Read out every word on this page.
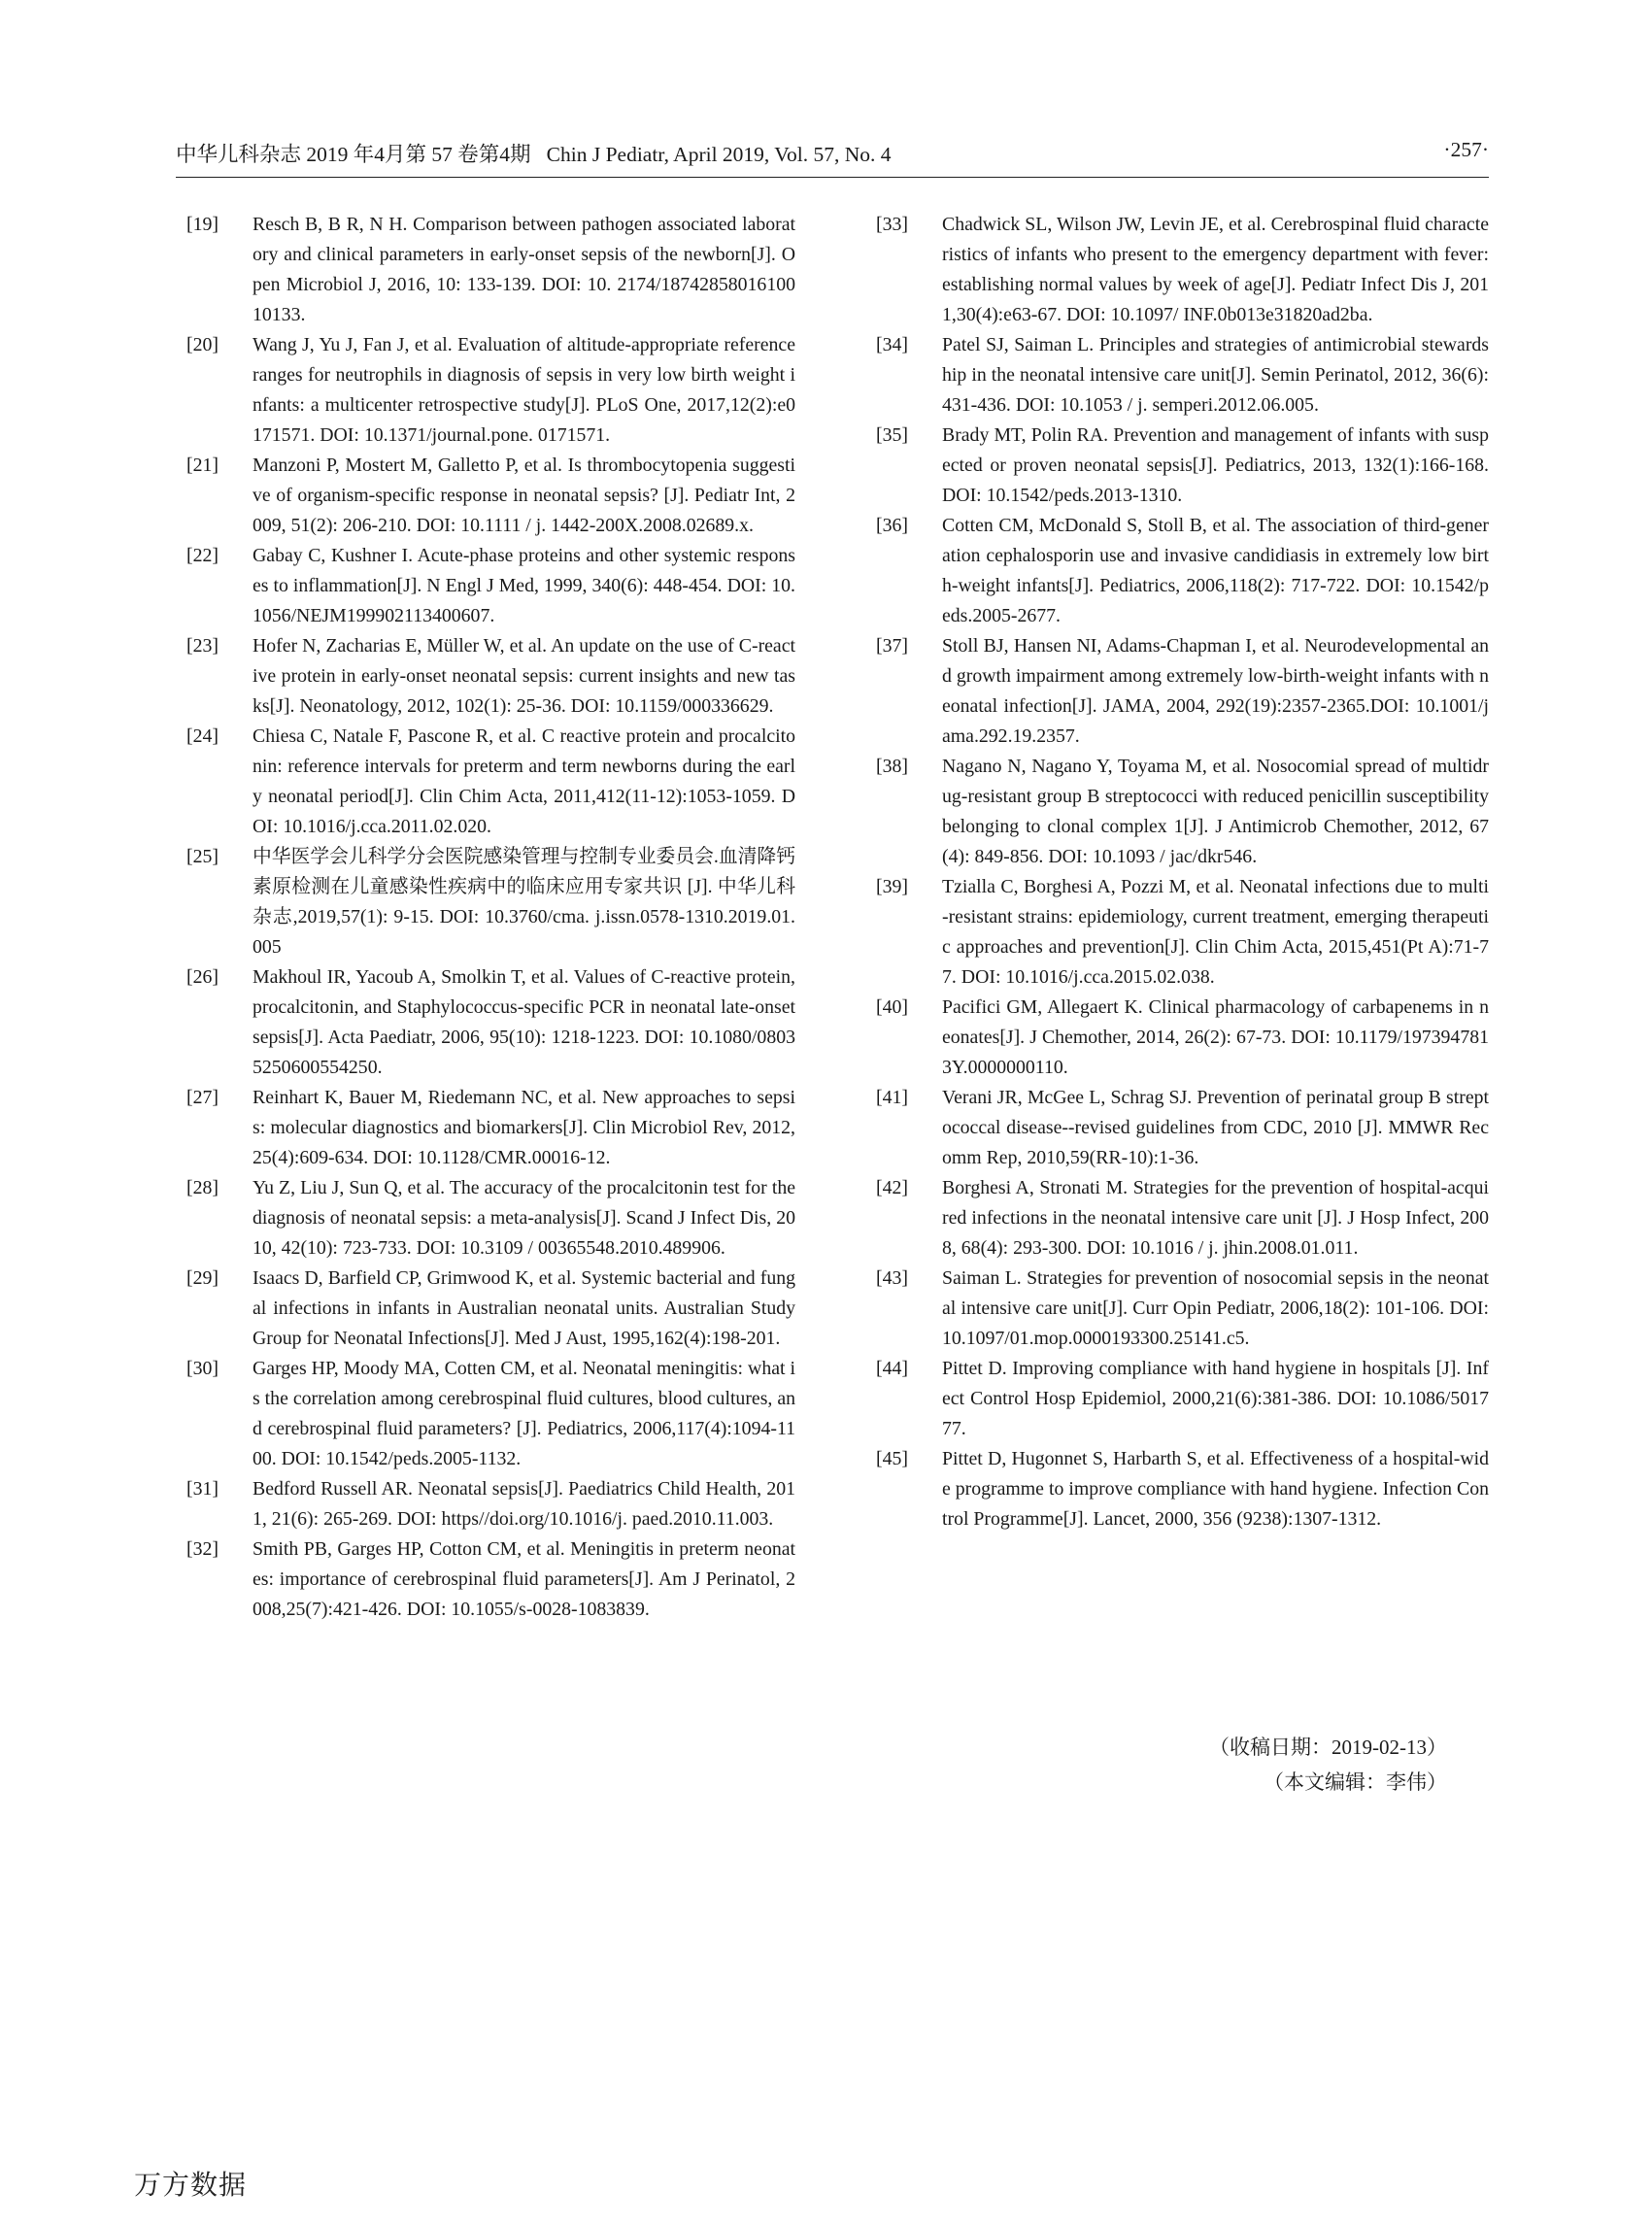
中华儿科杂志 2019 年4月第 57 卷第4期 Chin J Pediatr, April 2019, Vol. 57, No. 4	·257·
[19] Resch B, B R, N H. Comparison between pathogen associated laboratory and clinical parameters in early-onset sepsis of the newborn[J]. Open Microbiol J, 2016, 10: 133-139. DOI: 10. 2174/1874285801610010133.
[20] Wang J, Yu J, Fan J, et al. Evaluation of altitude-appropriate reference ranges for neutrophils in diagnosis of sepsis in very low birth weight infants: a multicenter retrospective study[J]. PLoS One, 2017,12(2):e0171571. DOI: 10.1371/journal.pone. 0171571.
[21] Manzoni P, Mostert M, Galletto P, et al. Is thrombocytopenia suggestive of organism-specific response in neonatal sepsis? [J]. Pediatr Int, 2009, 51(2): 206-210. DOI: 10.1111 / j. 1442-200X.2008.02689.x.
[22] Gabay C, Kushner I. Acute-phase proteins and other systemic responses to inflammation[J]. N Engl J Med, 1999, 340(6): 448-454. DOI: 10.1056/NEJM199902113400607.
[23] Hofer N, Zacharias E, Müller W, et al. An update on the use of C-reactive protein in early-onset neonatal sepsis: current insights and new tasks[J]. Neonatology, 2012, 102(1): 25-36. DOI: 10.1159/000336629.
[24] Chiesa C, Natale F, Pascone R, et al. C reactive protein and procalcitonin: reference intervals for preterm and term newborns during the early neonatal period[J]. Clin Chim Acta, 2011,412(11-12):1053-1059. DOI: 10.1016/j.cca.2011.02.020.
[25] 中华医学会儿科学分会医院感染管理与控制专业委员会.血清降钙素原检测在儿童感染性疾病中的临床应用专家共识 [J]. 中华儿科杂志,2019,57(1): 9-15. DOI: 10.3760/cma. j.issn.0578-1310.2019.01.005
[26] Makhoul IR, Yacoub A, Smolkin T, et al. Values of C-reactive protein, procalcitonin, and Staphylococcus-specific PCR in neonatal late-onset sepsis[J]. Acta Paediatr, 2006, 95(10): 1218-1223. DOI: 10.1080/08035250600554250.
[27] Reinhart K, Bauer M, Riedemann NC, et al. New approaches to sepsis: molecular diagnostics and biomarkers[J]. Clin Microbiol Rev, 2012,25(4):609-634. DOI: 10.1128/CMR.00016-12.
[28] Yu Z, Liu J, Sun Q, et al. The accuracy of the procalcitonin test for the diagnosis of neonatal sepsis: a meta-analysis[J]. Scand J Infect Dis, 2010, 42(10): 723-733. DOI: 10.3109 / 00365548.2010.489906.
[29] Isaacs D, Barfield CP, Grimwood K, et al. Systemic bacterial and fungal infections in infants in Australian neonatal units. Australian Study Group for Neonatal Infections[J]. Med J Aust, 1995,162(4):198-201.
[30] Garges HP, Moody MA, Cotten CM, et al. Neonatal meningitis: what is the correlation among cerebrospinal fluid cultures, blood cultures, and cerebrospinal fluid parameters? [J]. Pediatrics, 2006,117(4):1094-1100. DOI: 10.1542/peds.2005-1132.
[31] Bedford Russell AR. Neonatal sepsis[J]. Paediatrics Child Health, 2011, 21(6): 265-269. DOI: https//doi.org/10.1016/j. paed.2010.11.003.
[32] Smith PB, Garges HP, Cotton CM, et al. Meningitis in preterm neonates: importance of cerebrospinal fluid parameters[J]. Am J Perinatol, 2008,25(7):421-426. DOI: 10.1055/s-0028-1083839.
[33] Chadwick SL, Wilson JW, Levin JE, et al. Cerebrospinal fluid characteristics of infants who present to the emergency department with fever: establishing normal values by week of age[J]. Pediatr Infect Dis J, 2011,30(4):e63-67. DOI: 10.1097/ INF.0b013e31820ad2ba.
[34] Patel SJ, Saiman L. Principles and strategies of antimicrobial stewardship in the neonatal intensive care unit[J]. Semin Perinatol, 2012, 36(6): 431-436. DOI: 10.1053 / j. semperi.2012.06.005.
[35] Brady MT, Polin RA. Prevention and management of infants with suspected or proven neonatal sepsis[J]. Pediatrics, 2013, 132(1):166-168. DOI: 10.1542/peds.2013-1310.
[36] Cotten CM, McDonald S, Stoll B, et al. The association of third-generation cephalosporin use and invasive candidiasis in extremely low birth-weight infants[J]. Pediatrics, 2006,118(2): 717-722. DOI: 10.1542/peds.2005-2677.
[37] Stoll BJ, Hansen NI, Adams-Chapman I, et al. Neurodevelopmental and growth impairment among extremely low-birth-weight infants with neonatal infection[J]. JAMA, 2004, 292(19):2357-2365.DOI: 10.1001/jama.292.19.2357.
[38] Nagano N, Nagano Y, Toyama M, et al. Nosocomial spread of multidrug-resistant group B streptococci with reduced penicillin susceptibility belonging to clonal complex 1[J]. J Antimicrob Chemother, 2012, 67(4): 849-856. DOI: 10.1093 / jac/dkr546.
[39] Tzialla C, Borghesi A, Pozzi M, et al. Neonatal infections due to multi-resistant strains: epidemiology, current treatment, emerging therapeutic approaches and prevention[J]. Clin Chim Acta, 2015,451(Pt A):71-77. DOI: 10.1016/j.cca.2015.02.038.
[40] Pacifici GM, Allegaert K. Clinical pharmacology of carbapenems in neonates[J]. J Chemother, 2014, 26(2): 67-73. DOI: 10.1179/1973947813Y.0000000110.
[41] Verani JR, McGee L, Schrag SJ. Prevention of perinatal group B streptococcal disease--revised guidelines from CDC, 2010 [J]. MMWR Recomm Rep, 2010,59(RR-10):1-36.
[42] Borghesi A, Stronati M. Strategies for the prevention of hospital-acquired infections in the neonatal intensive care unit [J]. J Hosp Infect, 2008, 68(4): 293-300. DOI: 10.1016 / j. jhin.2008.01.011.
[43] Saiman L. Strategies for prevention of nosocomial sepsis in the neonatal intensive care unit[J]. Curr Opin Pediatr, 2006,18(2): 101-106. DOI: 10.1097/01.mop.0000193300.25141.c5.
[44] Pittet D. Improving compliance with hand hygiene in hospitals [J]. Infect Control Hosp Epidemiol, 2000,21(6):381-386. DOI: 10.1086/501777.
[45] Pittet D, Hugonnet S, Harbarth S, et al. Effectiveness of a hospital-wide programme to improve compliance with hand hygiene. Infection Control Programme[J]. Lancet, 2000, 356 (9238):1307-1312.
（收稿日期：2019-02-13）
（本文编辑：李伟）
万方数据
